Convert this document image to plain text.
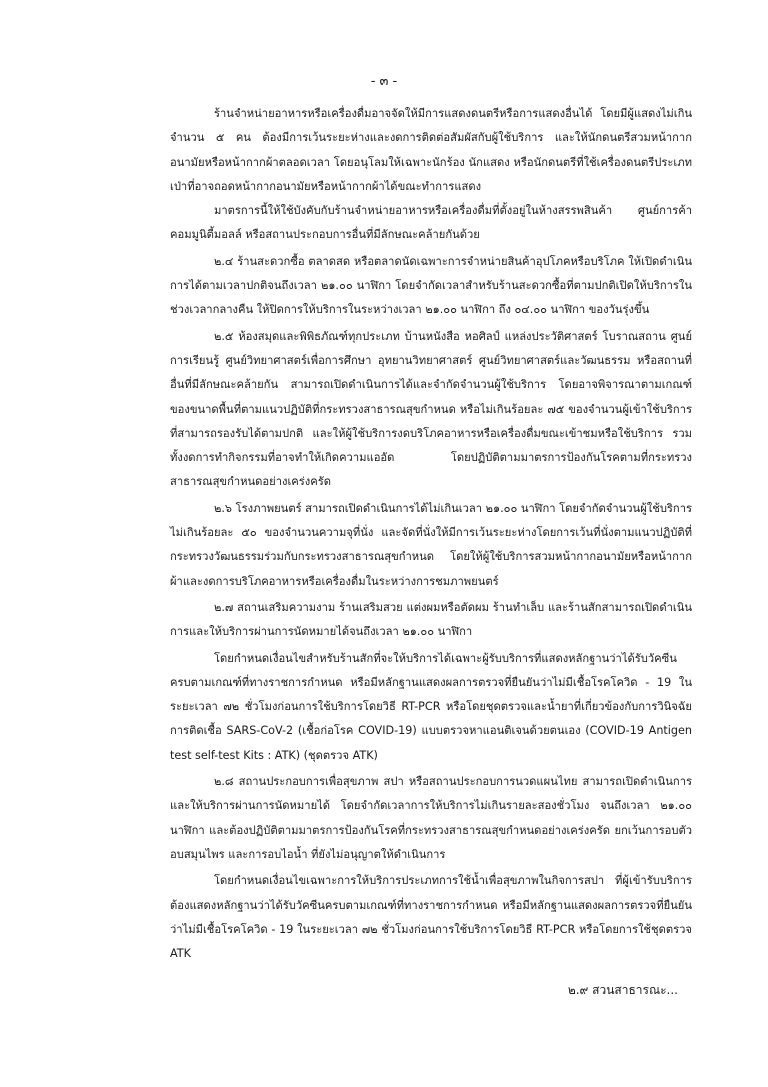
- ๓ -

ร้านจำหน่ายอาหารหรือเครื่องดื่มอาจจัดให้มีการแสดงดนตรีหรือการแสดงอื่นได้ โดยมีผู้แสดงไม่เกินจำนวน ๕ คน ต้องมีการเว้นระยะห่างและงดการติดต่อสัมผัสกับผู้ใช้บริการ และให้นักดนตรีสวมหน้ากากอนามัยหรือหน้ากากผ้าตลอดเวลา โดยอนุโลมให้เฉพาะนักร้อง นักแสดง หรือนักดนตรีที่ใช้เครื่องดนตรีประเภทเป่าที่อาจถอดหน้ากากอนามัยหรือหน้ากากผ้าได้ขณะทำการแสดง

มาตรการนี้ให้ใช้บังคับกับร้านจำหน่ายอาหารหรือเครื่องดื่มที่ตั้งอยู่ในห้างสรรพสินค้า ศูนย์การค้า คอมมูนิตี้มอลล์ หรือสถานประกอบการอื่นที่มีลักษณะคล้ายกันด้วย

๒.๔ ร้านสะดวกซื้อ ตลาดสด หรือตลาดนัดเฉพาะการจำหน่ายสินค้าอุปโภคหรือบริโภค ให้เปิดดำเนินการได้ตามเวลาปกติจนถึงเวลา ๒๑.๐๐ นาฬิกา โดยจำกัดเวลาสำหรับร้านสะดวกซื้อที่ตามปกติเปิดให้บริการในช่วงเวลากลางคืน ให้ปิดการให้บริการในระหว่างเวลา ๒๑.๐๐ นาฬิกา ถึง ๐๔.๐๐ นาฬิกา ของวันรุ่งขึ้น

๒.๕ ห้องสมุดและพิพิธภัณฑ์ทุกประเภท บ้านหนังสือ หอศิลป์ แหล่งประวัติศาสตร์ โบราณสถาน ศูนย์การเรียนรู้ ศูนย์วิทยาศาสตร์เพื่อการศึกษา อุทยานวิทยาศาสตร์ ศูนย์วิทยาศาสตร์และวัฒนธรรม หรือสถานที่อื่นที่มีลักษณะคล้ายกัน สามารถเปิดดำเนินการได้และจำกัดจำนวนผู้ใช้บริการ โดยอาจพิจารณาตามเกณฑ์ของขนาดพื้นที่ตามแนวปฏิบัติที่กระทรวงสาธารณสุขกำหนด หรือไม่เกินร้อยละ ๗๕ ของจำนวนผู้เข้าใช้บริการที่สามารถรองรับได้ตามปกติ และให้ผู้ใช้บริการงดบริโภคอาหารหรือเครื่องดื่มขณะเข้าชมหรือใช้บริการ รวมทั้งงดการทำกิจกรรมที่อาจทำให้เกิดความแออัด โดยปฏิบัติตามมาตรการป้องกันโรคตามที่กระทรวงสาธารณสุขกำหนดอย่างเคร่งครัด

๒.๖ โรงภาพยนตร์ สามารถเปิดดำเนินการได้ไม่เกินเวลา ๒๑.๐๐ นาฬิกา โดยจำกัดจำนวนผู้ใช้บริการไม่เกินร้อยละ ๕๐ ของจำนวนความจุที่นั่ง และจัดที่นั่งให้มีการเว้นระยะห่างโดยการเว้นที่นั่งตามแนวปฏิบัติที่กระทรวงวัฒนธรรมร่วมกับกระทรวงสาธารณสุขกำหนด โดยให้ผู้ใช้บริการสวมหน้ากากอนามัยหรือหน้ากากผ้าและงดการบริโภคอาหารหรือเครื่องดื่มในระหว่างการชมภาพยนตร์

๒.๗ สถานเสริมความงาม ร้านเสริมสวย แต่งผมหรือตัดผม ร้านทำเล็บ และร้านสักสามารถเปิดดำเนินการและให้บริการผ่านการนัดหมายได้จนถึงเวลา ๒๑.๐๐ นาฬิกา

โดยกำหนดเงื่อนไขสำหรับร้านสักที่จะให้บริการได้เฉพาะผู้รับบริการที่แสดงหลักฐานว่าได้รับวัคซีนครบตามเกณฑ์ที่ทางราชการกำหนด หรือมีหลักฐานแสดงผลการตรวจที่ยืนยันว่าไม่มีเชื้อโรคโควิด - 19 ในระยะเวลา ๗๒ ชั่วโมงก่อนการใช้บริการโดยวิธี RT-PCR หรือโดยชุดตรวจและน้ำยาที่เกี่ยวข้องกับการวินิจฉัยการติดเชื้อ SARS-CoV-2 (เชื้อก่อโรค COVID-19) แบบตรวจหาแอนติเจนด้วยตนเอง (COVID-19 Antigen test self-test Kits : ATK) (ชุดตรวจ ATK)

๒.๘ สถานประกอบการเพื่อสุขภาพ สปา หรือสถานประกอบการนวดแผนไทย สามารถเปิดดำเนินการและให้บริการผ่านการนัดหมายได้ โดยจำกัดเวลาการให้บริการไม่เกินรายละสองชั่วโมง จนถึงเวลา ๒๑.๐๐ นาฬิกา และต้องปฏิบัติตามมาตรการป้องกันโรคที่กระทรวงสาธารณสุขกำหนดอย่างเคร่งครัด ยกเว้นการอบตัว อบสมุนไพร และการอบไอน้ำ ที่ยังไม่อนุญาตให้ดำเนินการ

โดยกำหนดเงื่อนไขเฉพาะการให้บริการประเภทการใช้น้ำเพื่อสุขภาพในกิจการสปา ที่ผู้เข้ารับบริการต้องแสดงหลักฐานว่าได้รับวัคซีนครบตามเกณฑ์ที่ทางราชการกำหนด หรือมีหลักฐานแสดงผลการตรวจที่ยืนยันว่าไม่มีเชื้อโรคโควิด - 19 ในระยะเวลา ๗๒ ชั่วโมงก่อนการใช้บริการโดยวิธี RT-PCR หรือโดยการใช้ชุดตรวจ ATK

๒.๙ สวนสาธารณะ...
